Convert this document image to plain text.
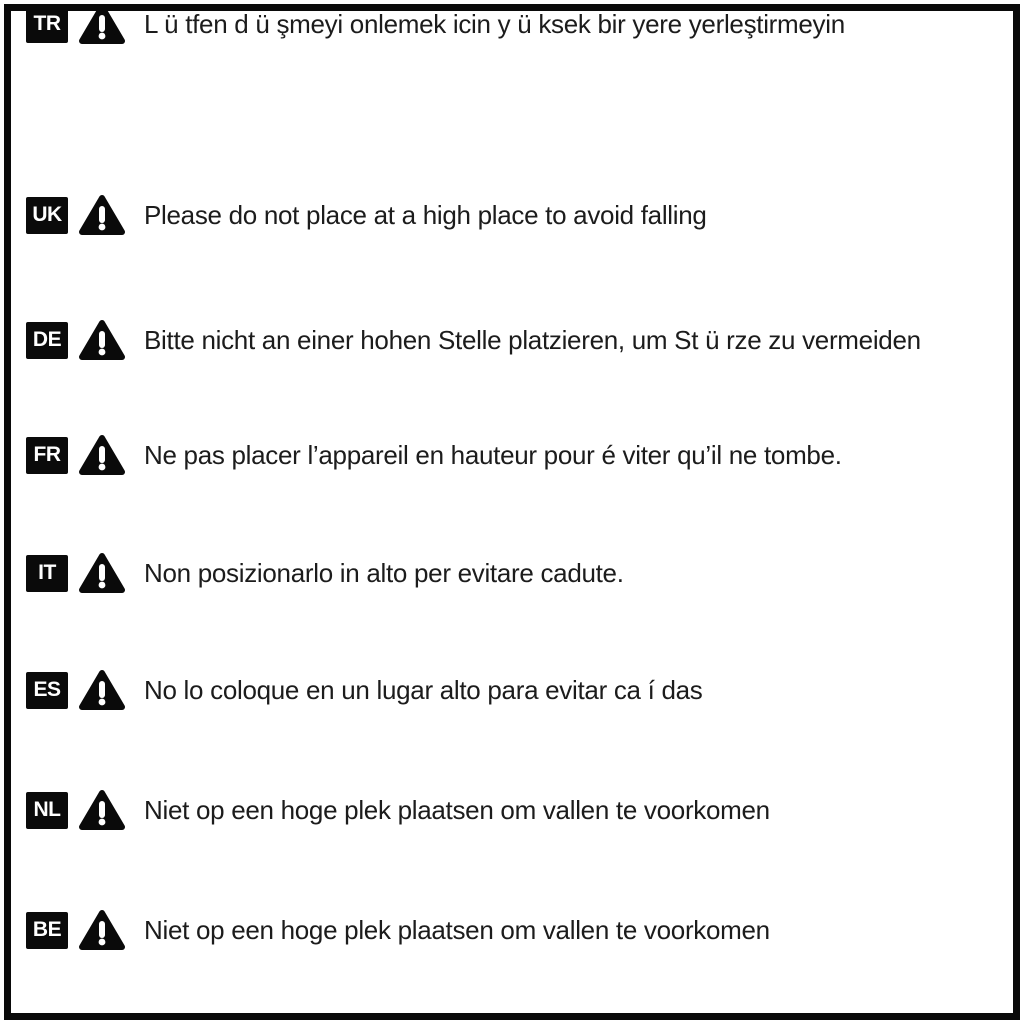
UK	Please do not place at a high place to avoid falling
DE	Bitte nicht an einer hohen Stelle platzieren, um St ü rze zu vermeiden
FR	Ne pas placer l’appareil en hauteur pour é viter qu’il ne tombe.
IT	Non posizionarlo in alto per evitare cadute.
ES	No lo coloque en un lugar alto para evitar ca í das
NL	Niet op een hoge plek plaatsen om vallen te voorkomen
BE	Niet op een hoge plek plaatsen om vallen te voorkomen
TR	L ü tfen d ü şmeyi onlemek icin y ü ksek bir yere yerleştirmeyin
